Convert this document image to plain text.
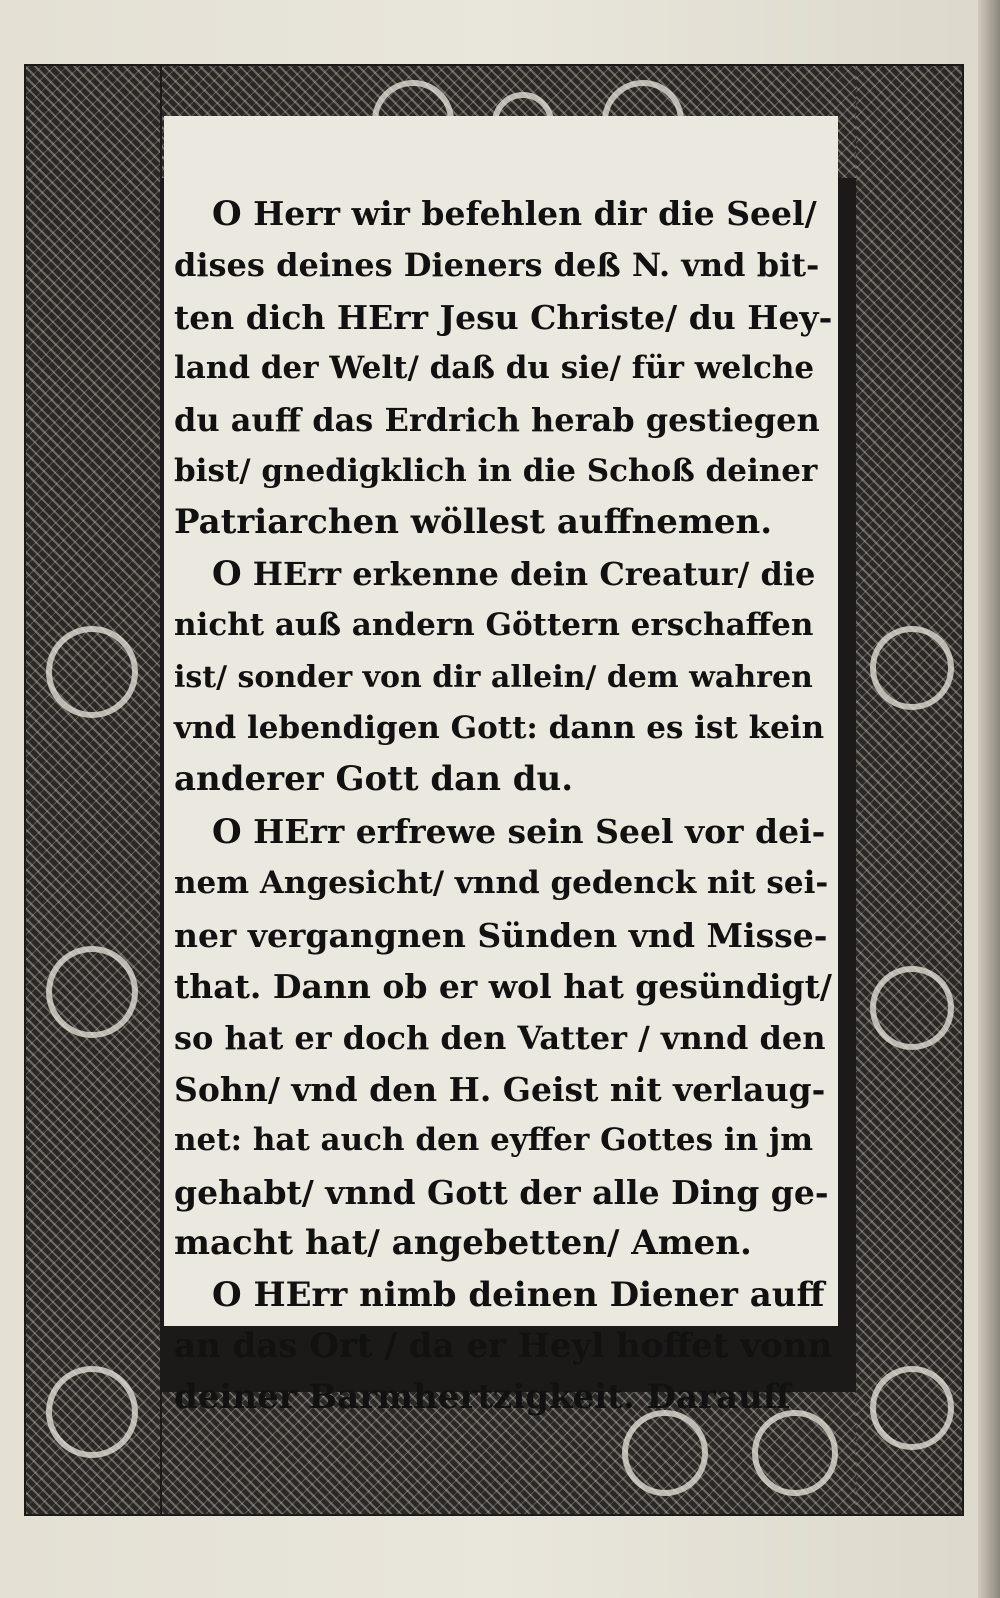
O Herr wir befehlen dir die Seel/
dises deines Dieners deß N. vnd bit-
ten dich HErr Jesu Christe/ du Hey-
land der Welt/ daß du sie/ für welche
du auff das Erdrich herab gestiegen
bist/ gnedigklich in die Schoß deiner
Patriarchen wöllest auffnemen.

O HErr erkenne dein Creatur/ die
nicht auß andern Göttern erschaffen
ist/ sonder von dir allein/ dem wahren
vnd lebendigen Gott: dann es ist kein
anderer Gott dan du.

O HErr erfrewe sein Seel vor dei-
nem Angesicht/ vnnd gedenck nit sei-
ner vergangnen Sünden vnd Misse-
that. Dann ob er wol hat gesündigt/
so hat er doch den Vatter / vnnd den
Sohn/ vnd den H. Geist nit verlaug-
net: hat auch den eyffer Gottes in jm
gehabt/ vnnd Gott der alle Ding ge-
macht hat/ angebetten/ Amen.

O HErr nimb deinen Diener auff
an das Ort / da er Heyl hoffet vonn
deiner Barmhertzigkeit. Darauff
